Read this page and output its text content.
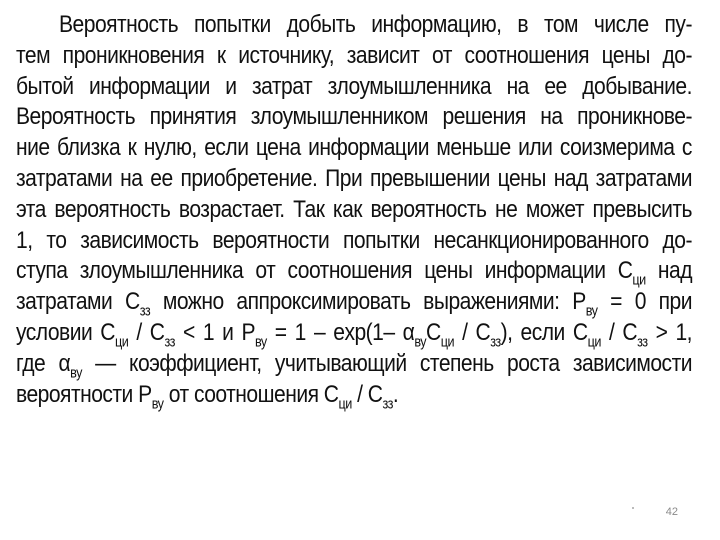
Вероятность попытки добыть информацию, в том числе пу-
тем проникновения к источнику, зависит от соотношения цены до-
бытой информации и затрат злоумышленника на ее добывание.
Вероятность принятия злоумышленником решения на проникнове-
ние близка к нулю, если цена информации меньше или соизмерима с
затратами на ее приобретение. При превышении цены над затратами
эта вероятность возрастает. Так как вероятность не может превысить
1, то зависимость вероятности попытки несанкционированного до-
ступа злоумышленника от соотношения цены информации $С_{ци}$ над
затратами $С_{зз}$ можно аппроксимировать выражениями: $Р_{ву} = 0$ при
условии $С_{ци} / С_{зз} < 1$ и $Р_{ву} = 1 - \exp(1-$ $\alpha_{ву}С_{ци} / С_{зз}$), если $С_{ци} / С_{зз} > 1$,
где $\alpha_{ву}$ — коэффициент, учитывающий степень роста зависимости
вероятности $Р_{ву}$ от соотношения $С_{ци} / С_{зз}$.
42
